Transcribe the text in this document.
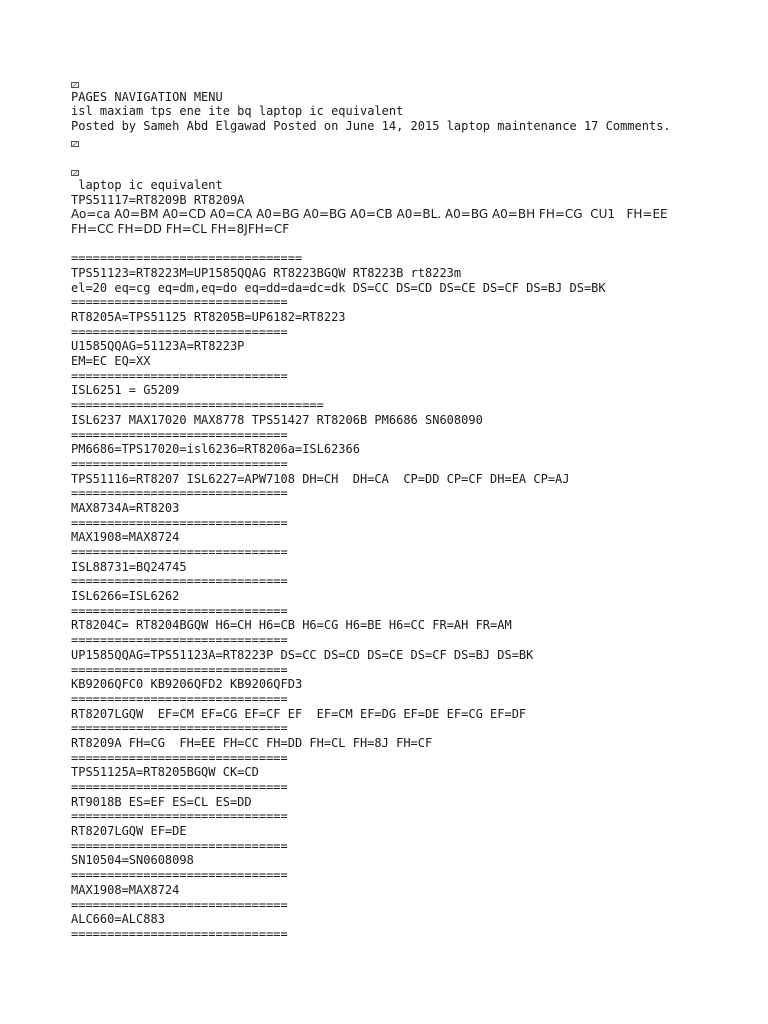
PAGES NAVIGATION MENU
isl maxiam tps ene ite bq laptop ic equivalent
Posted by Sameh Abd Elgawad Posted on June 14, 2015 laptop maintenance 17 Comments.
laptop ic equivalent
TPS51117=RT8209B RT8209A
Ao=ca A0=BM A0=CD A0=CA A0=BG A0=BG A0=CB A0=BL. A0=BG A0=BH FH=CG  CU1   FH=EE
FH=CC FH=DD FH=CL FH=8JFH=CF
================================
TPS51123=RT8223M=UP1585QQAG RT8223BGQW RT8223B rt8223m
el=20 eq=cg eq=dm,eq=do eq=dd=da=dc=dk DS=CC DS=CD DS=CE DS=CF DS=BJ DS=BK
==============================
RT8205A=TPS51125 RT8205B=UP6182=RT8223
==============================
U1585QQAG=51123A=RT8223P
EM=EC EQ=XX
==============================
ISL6251 = G5209
===================================
ISL6237 MAX17020 MAX8778 TPS51427 RT8206B PM6686 SN608090
==============================
PM6686=TPS17020=isl6236=RT8206a=ISL62366
==============================
TPS51116=RT8207 ISL6227=APW7108 DH=CH  DH=CA  CP=DD CP=CF DH=EA CP=AJ
==============================
MAX8734A=RT8203
==============================
MAX1908=MAX8724
==============================
ISL88731=BQ24745
==============================
ISL6266=ISL6262
==============================
RT8204C= RT8204BGQW H6=CH H6=CB H6=CG H6=BE H6=CC FR=AH FR=AM
==============================
UP1585QQAG=TPS51123A=RT8223P DS=CC DS=CD DS=CE DS=CF DS=BJ DS=BK
==============================
KB9206QFC0 KB9206QFD2 KB9206QFD3
==============================
RT8207LGQW  EF=CM EF=CG EF=CF EF  EF=CM EF=DG EF=DE EF=CG EF=DF
==============================
RT8209A FH=CG  FH=EE FH=CC FH=DD FH=CL FH=8J FH=CF
==============================
TPS51125A=RT8205BGQW CK=CD
==============================
RT9018B ES=EF ES=CL ES=DD
==============================
RT8207LGQW EF=DE
==============================
SN10504=SN0608098
==============================
MAX1908=MAX8724
==============================
ALC660=ALC883
==============================
